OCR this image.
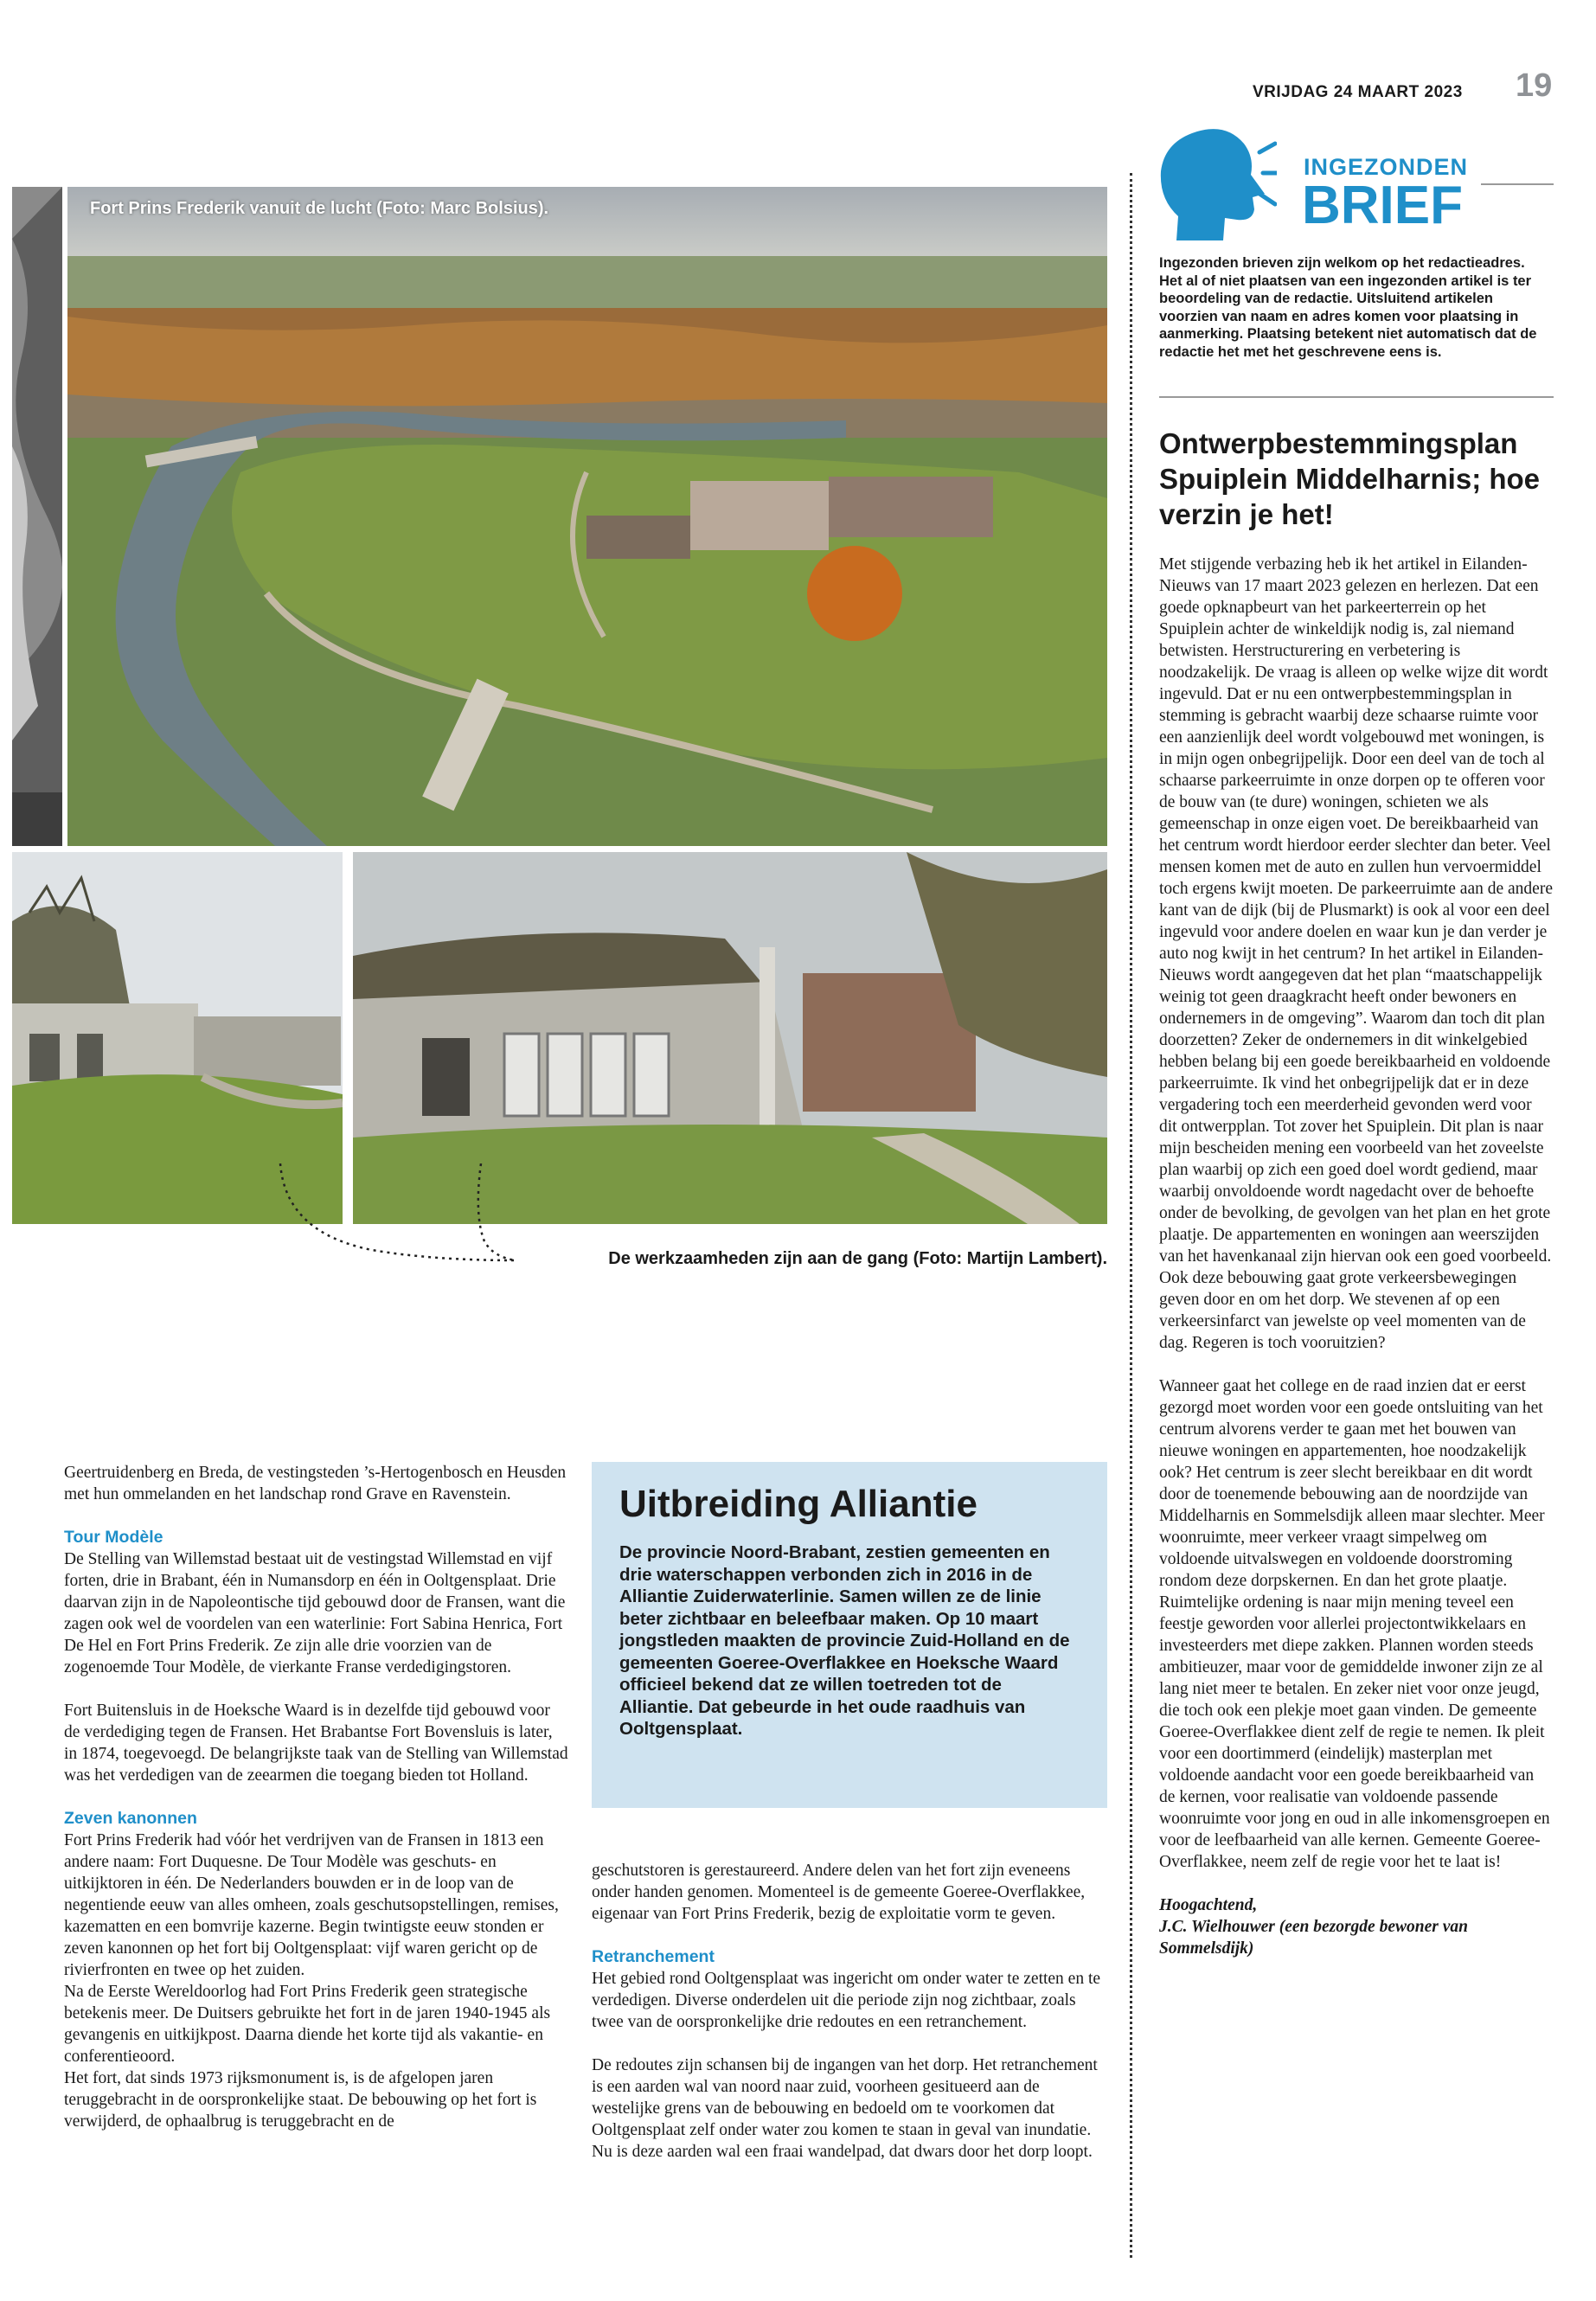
VRIJDAG 24 MAART 2023 19
Fort Prins Frederik vanuit de lucht (Foto: Marc Bolsius).
De werkzaamheden zijn aan de gang (Foto: Martijn Lambert).

Geertruidenberg en Breda, de vestingsteden ’s-Hertogenbosch en Heusden met hun ommelanden en het landschap rond Grave en Ravenstein.

Tour Modèle

De Stelling van Willemstad bestaat uit de vestingstad Willemstad en vijf forten, drie in Brabant, één in Numansdorp en één in Ooltgensplaat. Drie daarvan zijn in de Napoleontische tijd gebouwd door de Fransen, want die zagen ook wel de voordelen van een waterlinie: Fort Sabina Henrica, Fort De Hel en Fort Prins Frederik. Ze zijn alle drie voorzien van de zogenoemde Tour Modèle, de vierkante Franse verdedigingstoren.

Fort Buitensluis in de Hoeksche Waard is in dezelfde tijd gebouwd voor de verdediging tegen de Fransen. Het Brabantse Fort Bovensluis is later, in 1874, toegevoegd. De belangrijkste taak van de Stelling van Willemstad was het verdedigen van de zeearmen die toegang bieden tot Holland.

Zeven kanonnen

Fort Prins Frederik had vóór het verdrijven van de Fransen in 1813 een andere naam: Fort Duquesne. De Tour Modèle was geschuts- en uitkijktoren in één. De Nederlanders bouwden er in de loop van de negentiende eeuw van alles omheen, zoals geschutsopstellingen, remises, kazematten en een bomvrije kazerne. Begin twintigste eeuw stonden er zeven kanonnen op het fort bij Ooltgensplaat: vijf waren gericht op de rivierfronten en twee op het zuiden.

Na de Eerste Wereldoorlog had Fort Prins Frederik geen strategische betekenis meer. De Duitsers gebruikte het fort in de jaren 1940-1945 als gevangenis en uitkijkpost. Daarna diende het korte tijd als vakantie- en conferentieoord.

Het fort, dat sinds 1973 rijksmonument is, is de afgelopen jaren teruggebracht in de oorspronkelijke staat. De bebouwing op het fort is verwijderd, de ophaalbrug is teruggebracht en de

Uitbreiding Alliantie
De provincie Noord-Brabant, zestien gemeenten en drie waterschappen verbonden zich in 2016 in de Alliantie Zuiderwaterlinie. Samen willen ze de linie beter zichtbaar en beleefbaar maken. Op 10 maart jongstleden maakten de provincie Zuid-Holland en de gemeenten Goeree-Overflakkee en Hoeksche Waard officieel bekend dat ze willen toetreden tot de Alliantie. Dat gebeurde in het oude raadhuis van Ooltgensplaat.

geschutstoren is gerestaureerd. Andere delen van het fort zijn eveneens onder handen genomen. Momenteel is de gemeente Goeree-Overflakkee, eigenaar van Fort Prins Frederik, bezig de exploitatie vorm te geven.

Retranchement

Het gebied rond Ooltgensplaat was ingericht om onder water te zetten en te verdedigen. Diverse onderdelen uit die periode zijn nog zichtbaar, zoals twee van de oorspronkelijke drie redoutes en een retranchement.

De redoutes zijn schansen bij de ingangen van het dorp. Het retranchement is een aarden wal van noord naar zuid, voorheen gesitueerd aan de westelijke grens van de bebouwing en bedoeld om te voorkomen dat Ooltgensplaat zelf onder water zou komen te staan in geval van inundatie. Nu is deze aarden wal een fraai wandelpad, dat dwars door het dorp loopt.

INGEZONDEN
BRIEF
Ingezonden brieven zijn welkom op het redactieadres. Het al of niet plaatsen van een ingezonden artikel is ter beoordeling van de redactie. Uitsluitend artikelen voorzien van naam en adres komen voor plaatsing in aanmerking. Plaatsing betekent niet automatisch dat de redactie het met het geschrevene eens is.
Ontwerpbestemmingsplan Spuiplein Middelharnis; hoe verzin je het!

Met stijgende verbazing heb ik het artikel in Eilanden-Nieuws van 17 maart 2023 gelezen en herlezen. Dat een goede opknapbeurt van het parkeerterrein op het Spuiplein achter de winkeldijk nodig is, zal niemand betwisten. Herstructurering en verbetering is noodzakelijk. De vraag is alleen op welke wijze dit wordt ingevuld. Dat er nu een ontwerpbestemmingsplan in stemming is gebracht waarbij deze schaarse ruimte voor een aanzienlijk deel wordt volgebouwd met woningen, is in mijn ogen onbegrijpelijk. Door een deel van de toch al schaarse parkeerruimte in onze dorpen op te offeren voor de bouw van (te dure) woningen, schieten we als gemeenschap in onze eigen voet. De bereikbaarheid van het centrum wordt hierdoor eerder slechter dan beter. Veel mensen komen met de auto en zullen hun vervoermiddel toch ergens kwijt moeten. De parkeerruimte aan de andere kant van de dijk (bij de Plusmarkt) is ook al voor een deel ingevuld voor andere doelen en waar kun je dan verder je auto nog kwijt in het centrum? In het artikel in Eilanden-Nieuws wordt aangegeven dat het plan “maatschappelijk weinig tot geen draagkracht heeft onder bewoners en ondernemers in de omgeving”. Waarom dan toch dit plan doorzetten? Zeker de ondernemers in dit winkelgebied hebben belang bij een goede bereikbaarheid en voldoende parkeerruimte. Ik vind het onbegrijpelijk dat er in deze vergadering toch een meerderheid gevonden werd voor dit ontwerpplan. Tot zover het Spuiplein. Dit plan is naar mijn bescheiden mening een voorbeeld van het zoveelste plan waarbij op zich een goed doel wordt gediend, maar waarbij onvoldoende wordt nagedacht over de behoefte onder de bevolking, de gevolgen van het plan en het grote plaatje. De appartementen en woningen aan weerszijden van het havenkanaal zijn hiervan ook een goed voorbeeld. Ook deze bebouwing gaat grote verkeersbewegingen geven door en om het dorp. We stevenen af op een verkeersinfarct van jewelste op veel momenten van de dag. Regeren is toch vooruitzien?

Wanneer gaat het college en de raad inzien dat er eerst gezorgd moet worden voor een goede ontsluiting van het centrum alvorens verder te gaan met het bouwen van nieuwe woningen en appartementen, hoe noodzakelijk ook? Het centrum is zeer slecht bereikbaar en dit wordt door de toenemende bebouwing aan de noordzijde van Middelharnis en Sommelsdijk alleen maar slechter. Meer woonruimte, meer verkeer vraagt simpelweg om voldoende uitvalswegen en voldoende doorstroming rondom deze dorpskernen. En dan het grote plaatje. Ruimtelijke ordening is naar mijn mening teveel een feestje geworden voor allerlei projectontwikkelaars en investeerders met diepe zakken. Plannen worden steeds ambitieuzer, maar voor de gemiddelde inwoner zijn ze al lang niet meer te betalen. En zeker niet voor onze jeugd, die toch ook een plekje moet gaan vinden. De gemeente Goeree-Overflakkee dient zelf de regie te nemen. Ik pleit voor een doortimmerd (eindelijk) masterplan met voldoende aandacht voor een goede bereikbaarheid van de kernen, voor realisatie van voldoende passende woonruimte voor jong en oud in alle inkomensgroepen en voor de leefbaarheid van alle kernen. Gemeente Goeree-Overflakkee, neem zelf de regie voor het te laat is!

Hoogachtend,

J.C. Wielhouwer (een bezorgde bewoner van Sommelsdijk)
